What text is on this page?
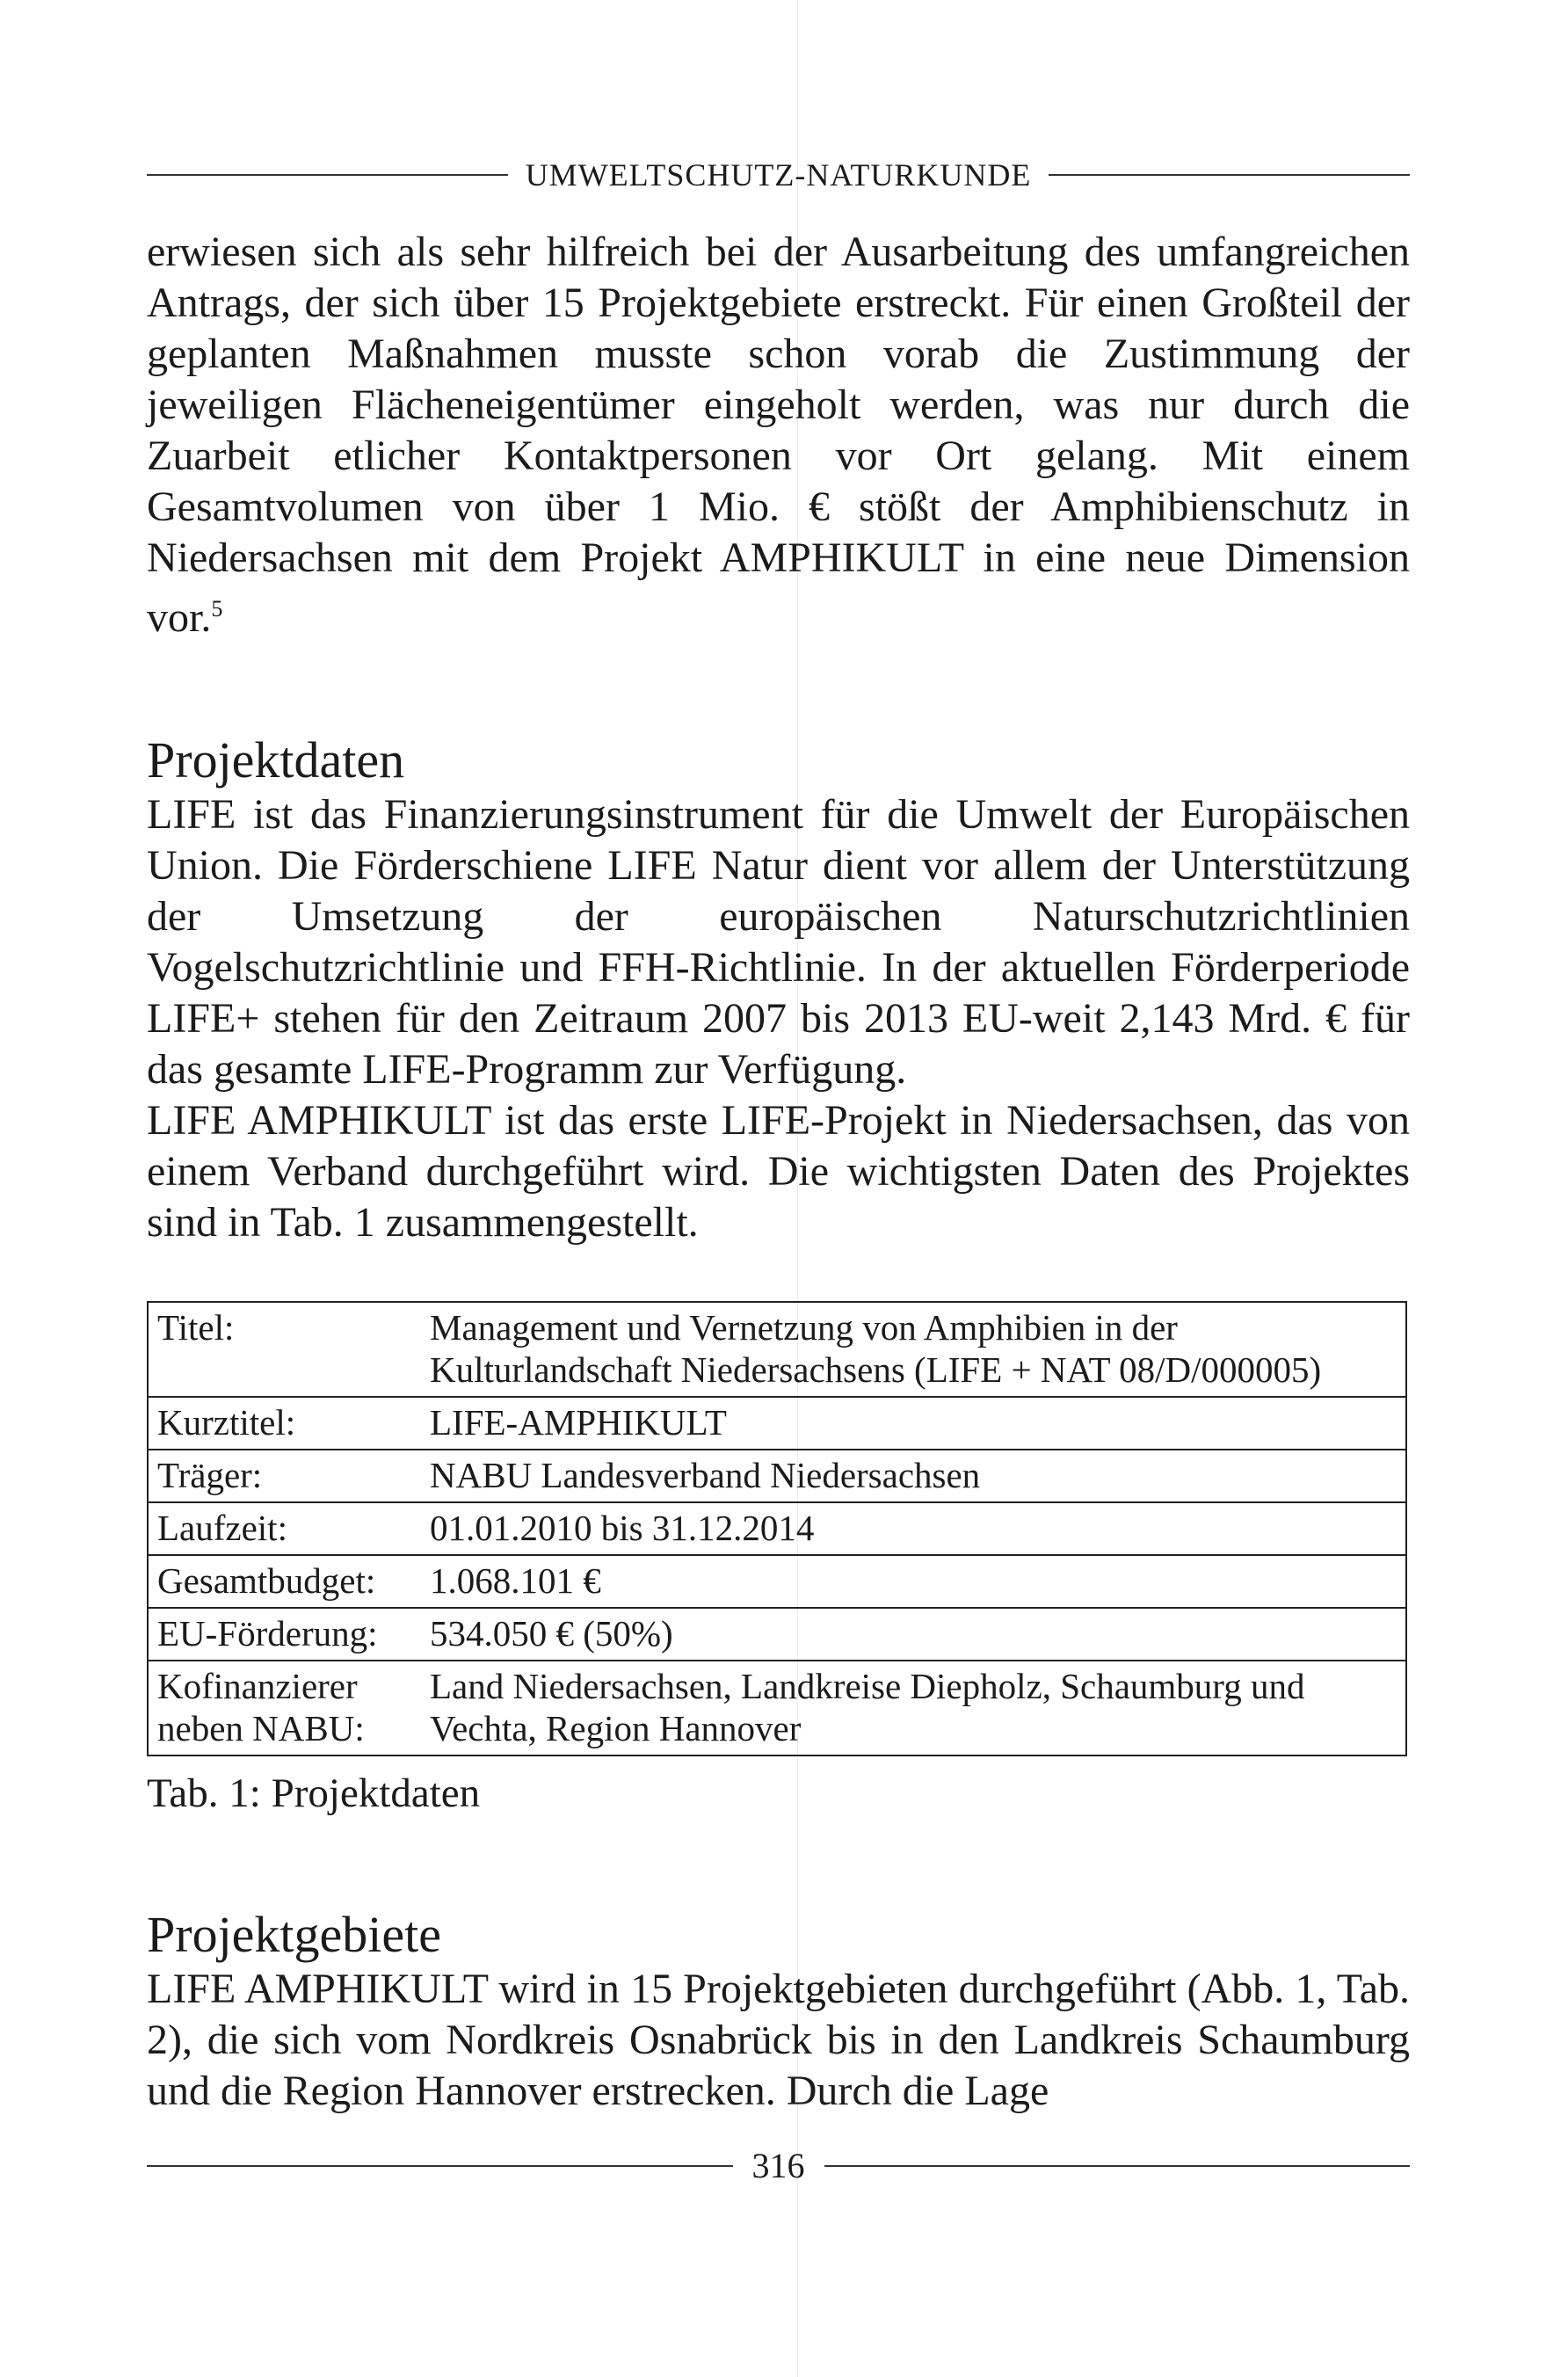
UMWELTSCHUTZ-NATURKUNDE

erwiesen sich als sehr hilfreich bei der Ausarbeitung des umfangreichen Antrags, der sich über 15 Projektgebiete erstreckt. Für einen Großteil der geplanten Maßnahmen musste schon vorab die Zustimmung der jeweiligen Flächeneigentümer eingeholt werden, was nur durch die Zuarbeit etlicher Kontaktpersonen vor Ort gelang. Mit einem Gesamtvolumen von über 1 Mio. € stößt der Amphibienschutz in Niedersachsen mit dem Projekt AMPHIKULT in eine neue Dimension vor.$^5$

Projektdaten

LIFE ist das Finanzierungsinstrument für die Umwelt der Europäischen Union. Die Förderschiene LIFE Natur dient vor allem der Unterstützung der Umsetzung der europäischen Naturschutzrichtlinien Vogelschutzrichtlinie und FFH-Richtlinie. In der aktuellen Förderperiode LIFE+ stehen für den Zeitraum 2007 bis 2013 EU-weit 2,143 Mrd. € für das gesamte LIFE-Programm zur Verfügung.

LIFE AMPHIKULT ist das erste LIFE-Projekt in Niedersachsen, das von einem Verband durchgeführt wird. Die wichtigsten Daten des Projektes sind in Tab. 1 zusammengestellt.

Titel:	Management und Vernetzung von Amphibien in der Kulturlandschaft Niedersachsens (LIFE + NAT 08/D/000005)
Kurztitel:	LIFE-AMPHIKULT
Träger:	NABU Landesverband Niedersachsen
Laufzeit:	01.01.2010 bis 31.12.2014
Gesamtbudget:	1.068.101 €
EU-Förderung:	534.050 € (50%)
Kofinanzierer neben NABU:	Land Niedersachsen, Landkreise Diepholz, Schaumburg und Vechta, Region Hannover
Tab. 1: Projektdaten
Projektgebiete

LIFE AMPHIKULT wird in 15 Projektgebieten durchgeführt (Abb. 1, Tab. 2), die sich vom Nordkreis Osnabrück bis in den Landkreis Schaumburg und die Region Hannover erstrecken. Durch die Lage

316
